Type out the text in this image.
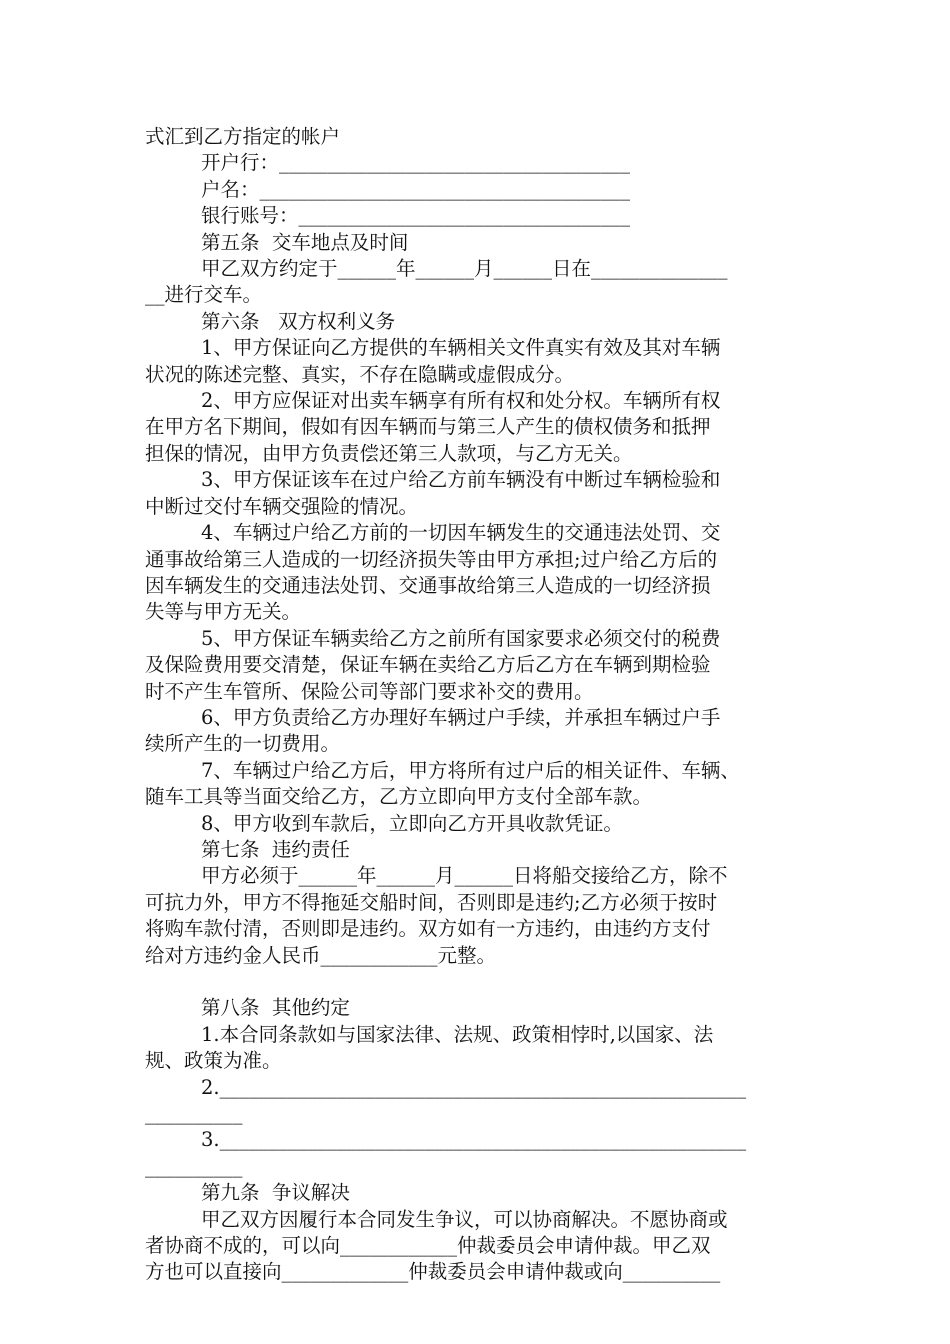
式汇到乙方指定的帐户
开户行：____________________________________
户名：______________________________________
银行账号：__________________________________
第五条  交车地点及时间
甲乙双方约定于______年______月______日在______________
__进行交车。
第六条   双方权利义务
1、甲方保证向乙方提供的车辆相关文件真实有效及其对车辆
状况的陈述完整、真实，不存在隐瞒或虚假成分。
2、甲方应保证对出卖车辆享有所有权和处分权。车辆所有权
在甲方名下期间，假如有因车辆而与第三人产生的债权债务和抵押
担保的情况，由甲方负责偿还第三人款项，与乙方无关。
3、甲方保证该车在过户给乙方前车辆没有中断过车辆检验和
中断过交付车辆交强险的情况。
4、车辆过户给乙方前的一切因车辆发生的交通违法处罚、交
通事故给第三人造成的一切经济损失等由甲方承担;过户给乙方后的
因车辆发生的交通违法处罚、交通事故给第三人造成的一切经济损
失等与甲方无关。
5、甲方保证车辆卖给乙方之前所有国家要求必须交付的税费
及保险费用要交清楚，保证车辆在卖给乙方后乙方在车辆到期检验
时不产生车管所、保险公司等部门要求补交的费用。
6、甲方负责给乙方办理好车辆过户手续，并承担车辆过户手
续所产生的一切费用。
7、车辆过户给乙方后，甲方将所有过户后的相关证件、车辆、
随车工具等当面交给乙方，乙方立即向甲方支付全部车款。
8、甲方收到车款后，立即向乙方开具收款凭证。
第七条  违约责任
甲方必须于______年______月______日将船交接给乙方，除不
可抗力外，甲方不得拖延交船时间，否则即是违约;乙方必须于按时
将购车款付清，否则即是违约。双方如有一方违约，由违约方支付
给对方违约金人民币____________元整。
第八条  其他约定
1.本合同条款如与国家法律、法规、政策相悖时,以国家、法
规、政策为准。
2.______________________________________________________
__________
3.______________________________________________________
__________
第九条  争议解决
甲乙双方因履行本合同发生争议，可以协商解决。不愿协商或
者协商不成的，可以向____________仲裁委员会申请仲裁。甲乙双
方也可以直接向_____________仲裁委员会申请仲裁或向__________
